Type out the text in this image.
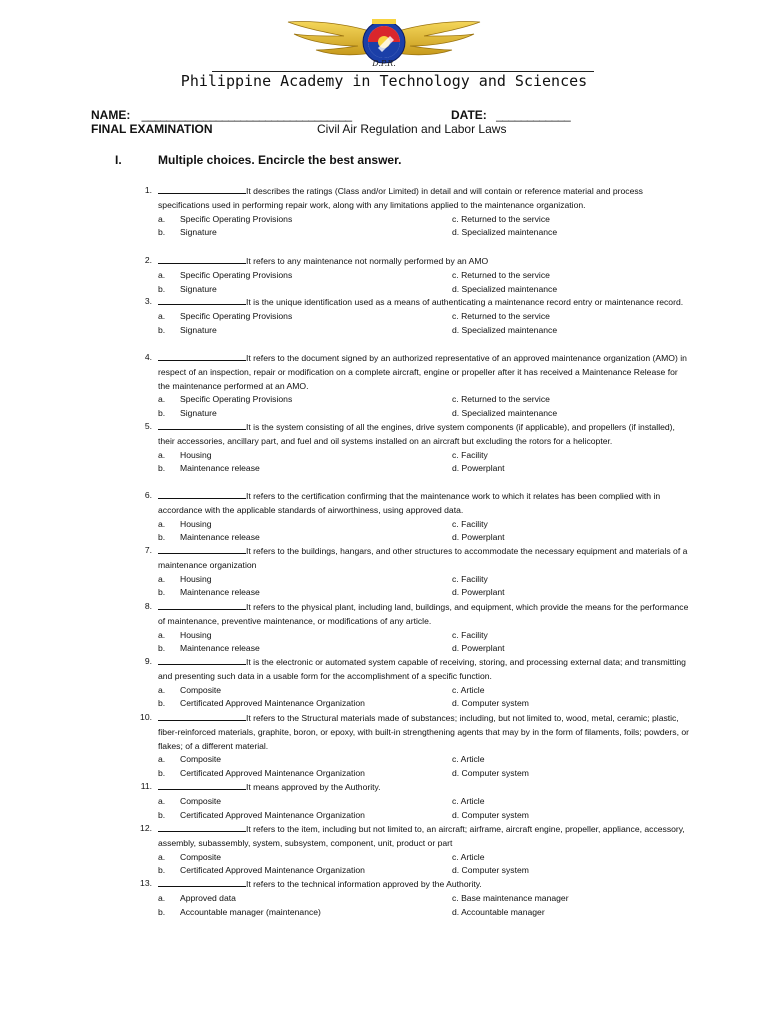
D.P.R.
Philippine Academy in Technology and Sciences
NAME: __________________________________	DATE: ____________
FINAL EXAMINATION	Civil Air Regulation and Labor Laws
I.	Multiple choices. Encircle the best answer.
1.	It describes the ratings (Class and/or Limited) in detail and will contain or reference material and process specifications used in performing repair work, along with any limitations applied to the maintenance organization.
a. Specific Operating Provisions
b. Signature
c. Returned to the service
d. Specialized maintenance
2.	It refers to any maintenance not normally performed by an AMO
a. Specific Operating Provisions
b. Signature
c. Returned to the service
d. Specialized maintenance
3.	It is the unique identification used as a means of authenticating a maintenance record entry or maintenance record.
a. Specific Operating Provisions
b. Signature
c. Returned to the service
d. Specialized maintenance
4.	It refers to the document signed by an authorized representative of an approved maintenance organization (AMO) in respect of an inspection, repair or modification on a complete aircraft, engine or propeller after it has received a Maintenance Release for the maintenance performed at an AMO.
a. Specific Operating Provisions
b. Signature
c. Returned to the service
d. Specialized maintenance
5.	It is the system consisting of all the engines, drive system components (if applicable), and propellers (if installed), their accessories, ancillary part, and fuel and oil systems installed on an aircraft but excluding the rotors for a helicopter.
a. Housing
b. Maintenance release
c. Facility
d. Powerplant
6.	It refers to the certification confirming that the maintenance work to which it relates has been complied with in accordance with the applicable standards of airworthiness, using approved data.
a. Housing
b. Maintenance release
c. Facility
d. Powerplant
7.	It refers to the buildings, hangars, and other structures to accommodate the necessary equipment and materials of a maintenance organization
a. Housing
b. Maintenance release
c. Facility
d. Powerplant
8.	It refers to the physical plant, including land, buildings, and equipment, which provide the means for the performance of maintenance, preventive maintenance, or modifications of any article.
a. Housing
b. Maintenance release
c. Facility
d. Powerplant
9.	It is the electronic or automated system capable of receiving, storing, and processing external data; and transmitting and presenting such data in a usable form for the accomplishment of a specific function.
a. Composite
b. Certificated Approved Maintenance Organization
c. Article
d. Computer system
10.	It refers to the Structural materials made of substances; including, but not limited to, wood, metal, ceramic; plastic, fiber-reinforced materials, graphite, boron, or epoxy, with built-in strengthening agents that may by in the form of filaments, foils; powders, or flakes; of a different material.
a. Composite
b. Certificated Approved Maintenance Organization
c. Article
d. Computer system
11.	It means approved by the Authority.
a. Composite
b. Certificated Approved Maintenance Organization
c. Article
d. Computer system
12.	It refers to the item, including but not limited to, an aircraft; airframe, aircraft engine, propeller, appliance, accessory, assembly, subassembly, system, subsystem, component, unit, product or part
a. Composite
b. Certificated Approved Maintenance Organization
c. Article
d. Computer system
13.	It refers to the technical information approved by the Authority.
a. Approved data
b. Accountable manager (maintenance)
c. Base maintenance manager
d. Accountable manager
